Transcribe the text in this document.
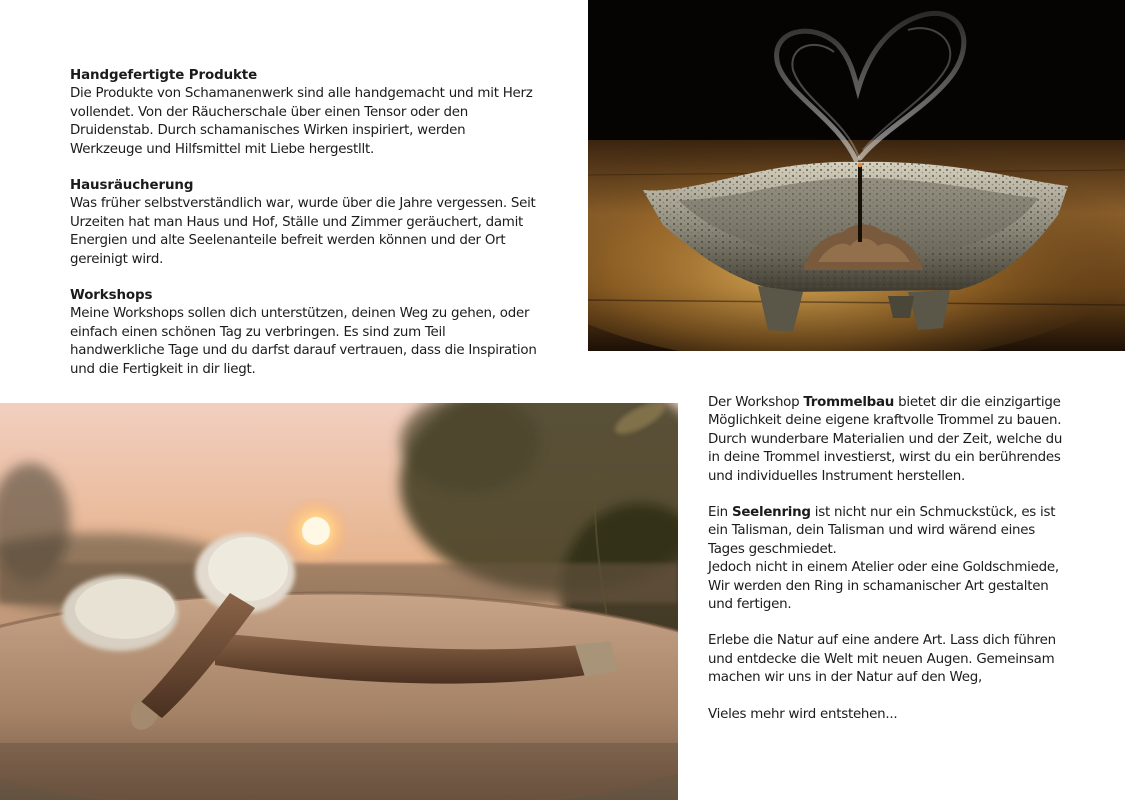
Handgefertigte Produkte

Die Produkte von Schamanenwerk sind alle handgemacht und mit Herz vollendet. Von der Räucherschale über einen Tensor oder den Druidenstab. Durch schamanisches Wirken inspiriert, werden Werkzeuge und Hilfsmittel mit Liebe hergestllt.

Hausräucherung

Was früher selbstverständlich war, wurde über die Jahre vergessen. Seit Urzeiten hat man Haus und Hof, Ställe und Zimmer geräuchert, damit Energien und alte Seelenanteile befreit werden können und der Ort gereinigt wird.

Workshops

Meine Workshops sollen dich unterstützen, deinen Weg zu gehen, oder einfach einen schönen Tag zu verbringen. Es sind zum Teil handwerkliche Tage und du darfst darauf vertrauen, dass die Inspiration und die Fertigkeit in dir liegt.

Der Workshop Trommelbau bietet dir die einzigartige Möglichkeit deine eigene kraftvolle Trommel zu bauen. Durch wunderbare Materialien und der Zeit, welche du in deine Trommel investierst, wirst du ein berührendes und individuelles Instrument herstellen.
Ein Seelenring ist nicht nur ein Schmuckstück, es ist ein Talisman, dein Talisman und wird wärend eines Tages geschmiedet.
Jedoch nicht in einem Atelier oder eine Goldschmiede, Wir werden den Ring in schamanischer Art gestalten und fertigen.
Erlebe die Natur auf eine andere Art. Lass dich führen und entdecke die Welt mit neuen Augen. Gemeinsam machen wir uns in der Natur auf den Weg,
Vieles mehr wird entstehen...
